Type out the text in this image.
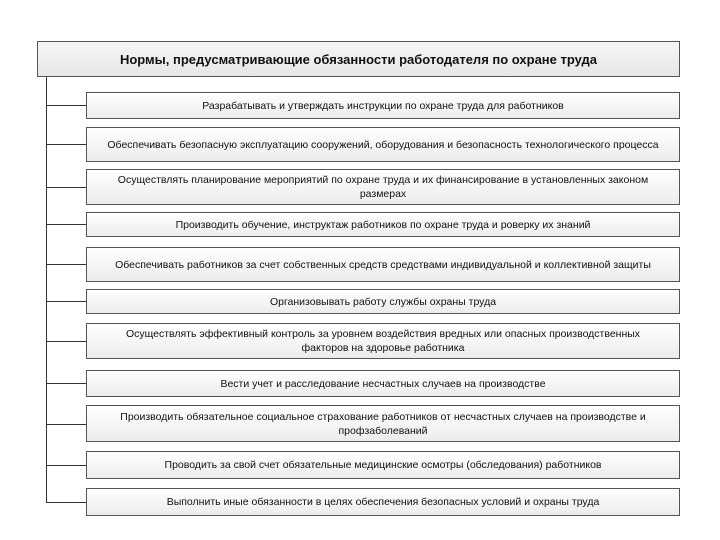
Нормы, предусматривающие обязанности работодателя по охране труда
Разрабатывать и утверждать инструкции по охране труда для работников
Обеспечивать безопасную эксплуатацию сооружений, оборудования и безопасность технологического процесса
Осуществлять планирование мероприятий по охране труда и их финансирование в установленных законом размерах
Производить обучение, инструктаж работников по охране труда и роверку их знаний
Обеспечивать работников за счет собственных средств средствами индивидуальной и коллективной защиты
Организовывать работу службы охраны труда
Осуществлять эффективный контроль за уровнем воздействия вредных или опасных производственных факторов на здоровье работника
Вести учет и расследование несчастных случаев на производстве
Производить обязательное социальное страхование работников от несчастных случаев на производстве и профзаболеваний
Проводить за свой счет обязательные медицинские осмотры (обследования) работников
Выполнить иные обязанности в целях обеспечения безопасных условий и охраны труда
